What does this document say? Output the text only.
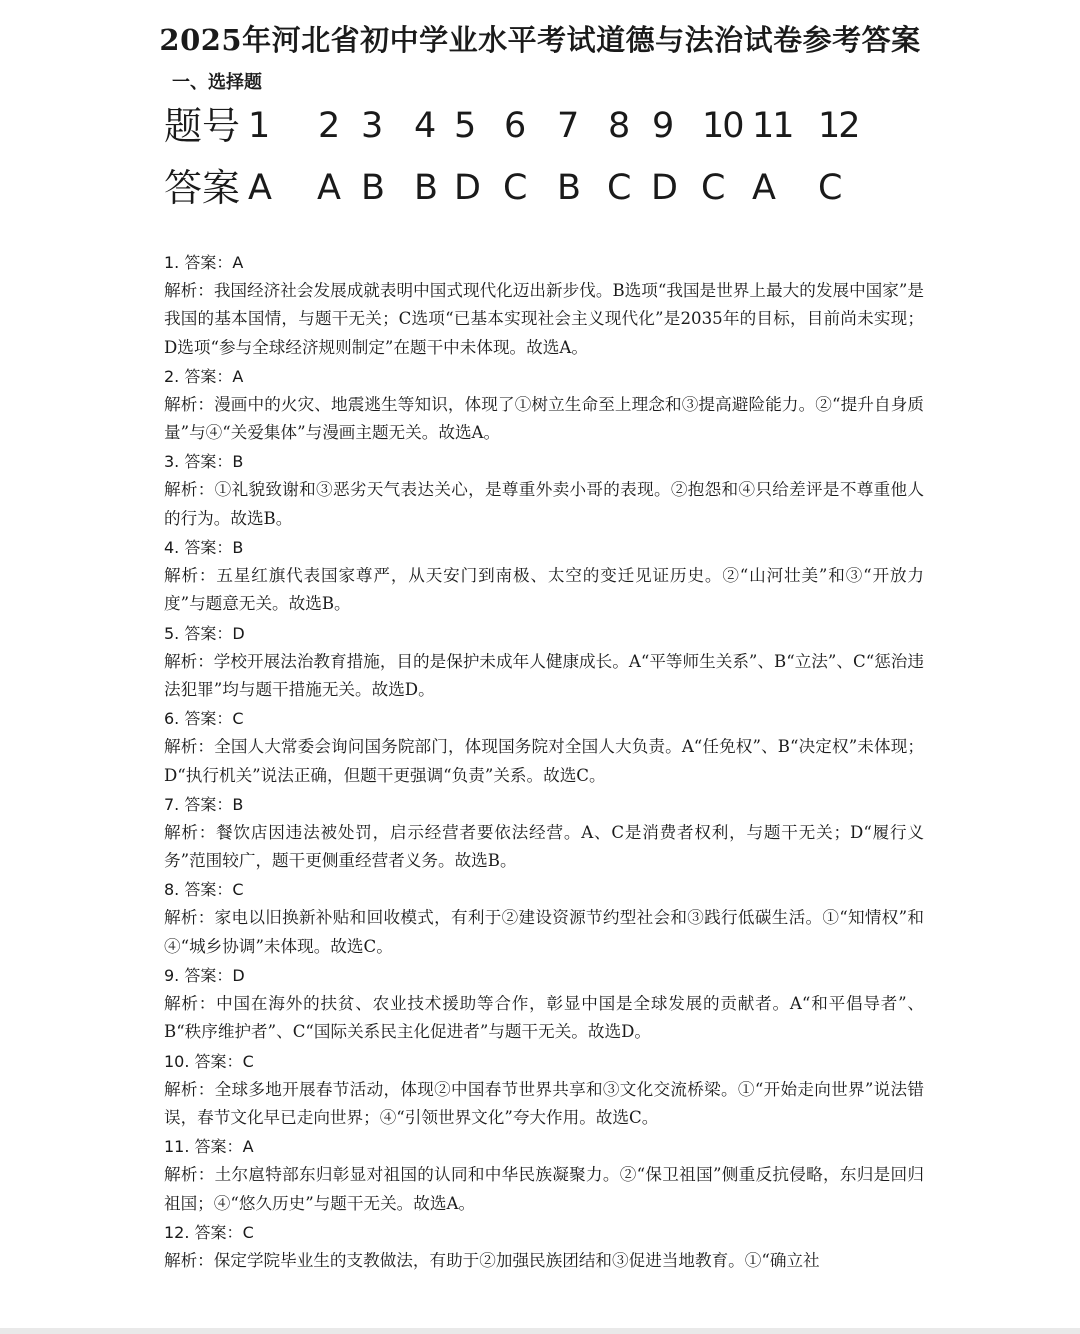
2025年河北省初中学业水平考试道德与法治试卷参考答案
一、选择题
题号 1 2 3 4 5 6 7 8 9 10 11 12
答案 A A B B D C B C D C A C
1. 答案：A
解析：我国经济社会发展成就表明中国式现代化迈出新步伐。B选项“我国是世界上最大的发展中国家”是我国的基本国情，与题干无关；C选项“已基本实现社会主义现代化”是2035年的目标，目前尚未实现；D选项“参与全球经济规则制定”在题干中未体现。故选A。
2. 答案：A
解析：漫画中的火灾、地震逃生等知识，体现了①树立生命至上理念和③提高避险能力。②“提升自身质量”与④“关爱集体”与漫画主题无关。故选A。
3. 答案：B
解析：①礼貌致谢和③恶劣天气表达关心，是尊重外卖小哥的表现。②抱怨和④只给差评是不尊重他人的行为。故选B。
4. 答案：B
解析：五星红旗代表国家尊严，从天安门到南极、太空的变迁见证历史。②“山河壮美”和③“开放力度”与题意无关。故选B。
5. 答案：D
解析：学校开展法治教育措施，目的是保护未成年人健康成长。A“平等师生关系”、B“立法”、C“惩治违法犯罪”均与题干措施无关。故选D。
6. 答案：C
解析：全国人大常委会询问国务院部门，体现国务院对全国人大负责。A“任免权”、B“决定权”未体现；D“执行机关”说法正确，但题干更强调“负责”关系。故选C。
7. 答案：B
解析：餐饮店因违法被处罚，启示经营者要依法经营。A、C是消费者权利，与题干无关；D“履行义务”范围较广，题干更侧重经营者义务。故选B。
8. 答案：C
解析：家电以旧换新补贴和回收模式，有利于②建设资源节约型社会和③践行低碳生活。①“知情权”和④“城乡协调”未体现。故选C。
9. 答案：D
解析：中国在海外的扶贫、农业技术援助等合作，彰显中国是全球发展的贡献者。A“和平倡导者”、B“秩序维护者”、C“国际关系民主化促进者”与题干无关。故选D。
10. 答案：C
解析：全球多地开展春节活动，体现②中国春节世界共享和③文化交流桥梁。①“开始走向世界”说法错误，春节文化早已走向世界；④“引领世界文化”夸大作用。故选C。
11. 答案：A
解析：土尔扈特部东归彰显对祖国的认同和中华民族凝聚力。②“保卫祖国”侧重反抗侵略，东归是回归祖国；④“悠久历史”与题干无关。故选A。
12. 答案：C
解析：保定学院毕业生的支教做法，有助于②加强民族团结和③促进当地教育。①“确立社
